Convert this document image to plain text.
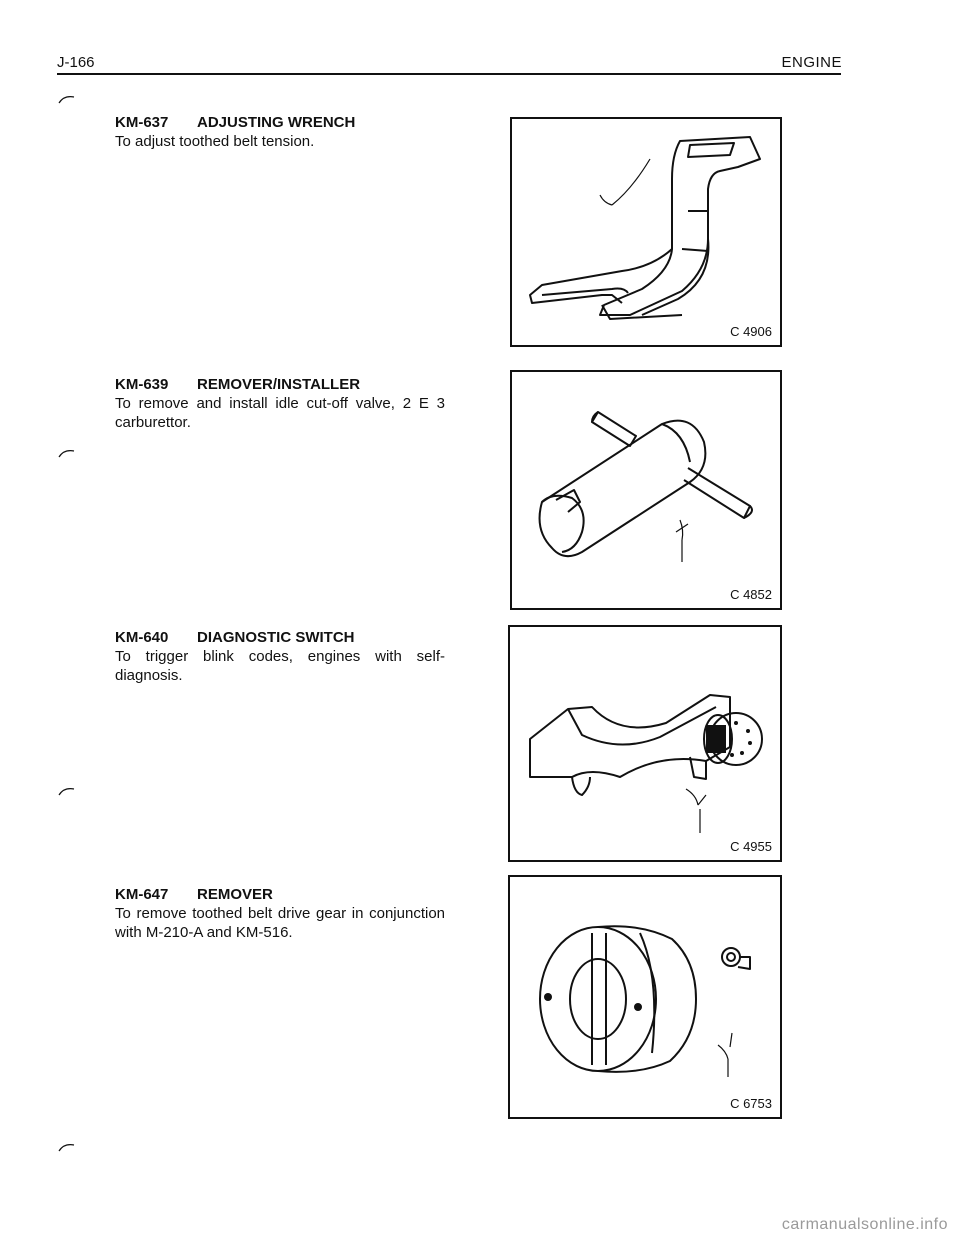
J-166	ENGINE
KM-637 ADJUSTING WRENCH
To adjust toothed belt tension.
C 4906
KM-639 REMOVER/INSTALLER
To remove and install idle cut-off valve, 2 E 3 carburettor.
C 4852
KM-640 DIAGNOSTIC SWITCH
To trigger blink codes, engines with self-diagnosis.
C 4955
KM-647 REMOVER
To remove toothed belt drive gear in conjunction with M-210-A and KM-516.
C 6753
carmanualsonline.info
